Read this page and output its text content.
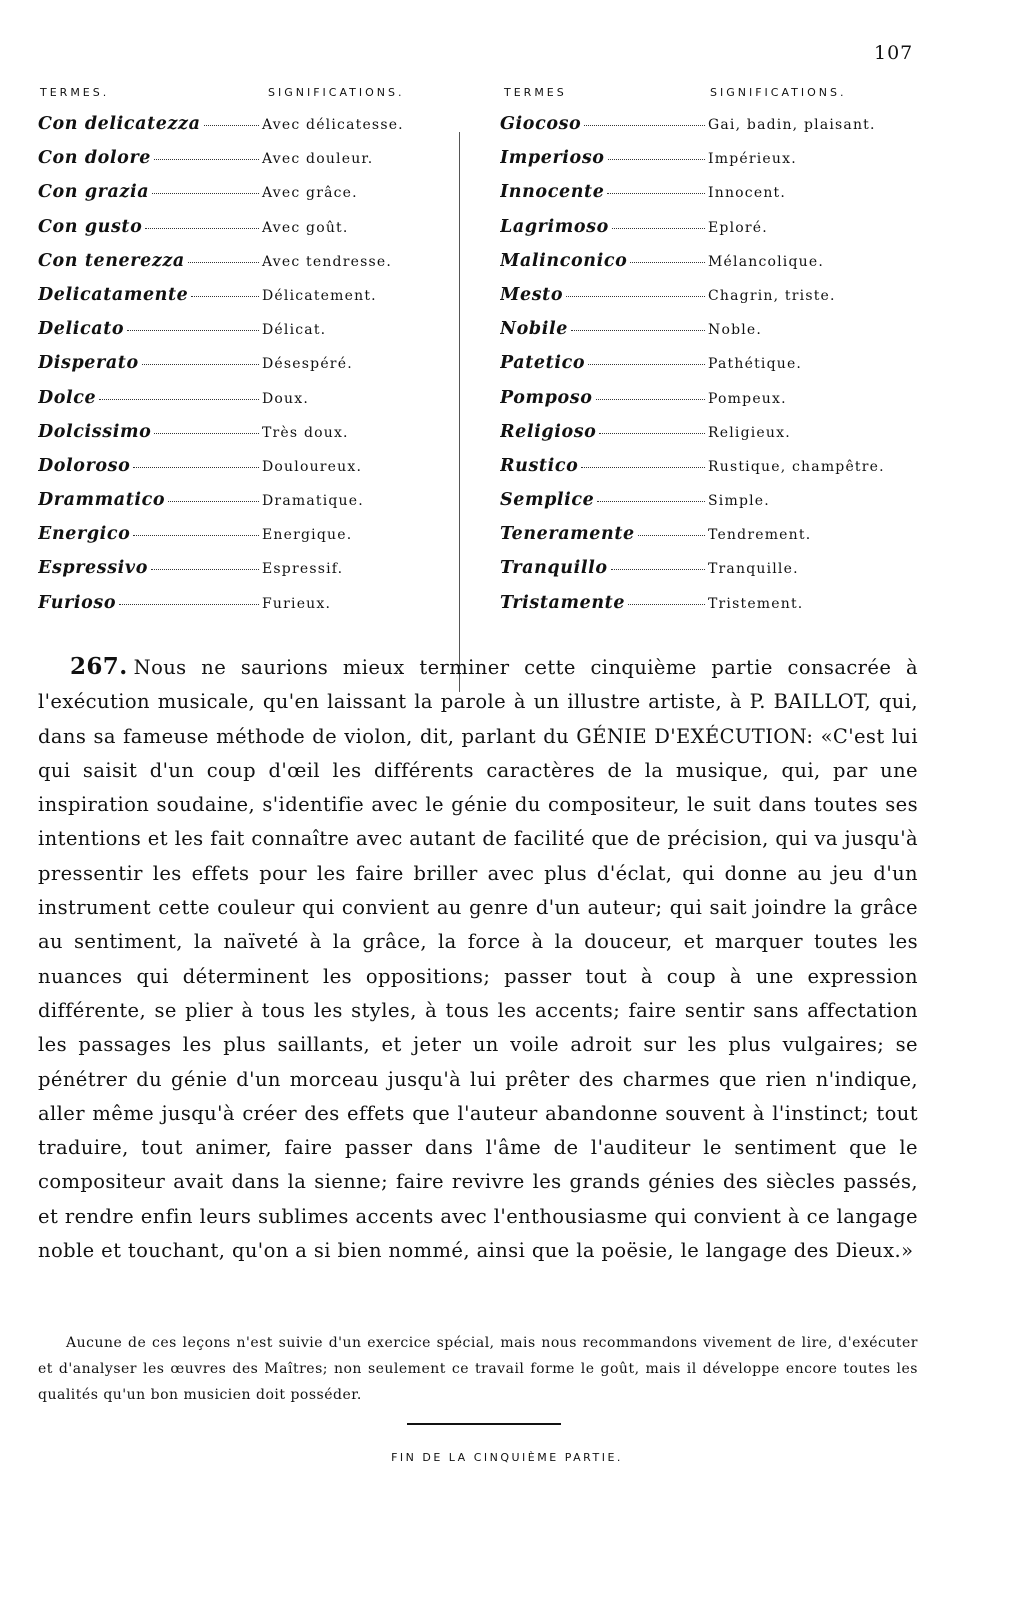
107
TERMES.	SIGNIFICATIONS.
Con delicatezza	Avec délicatesse.
Con dolore	Avec douleur.
Con grazia	Avec grâce.
Con gusto	Avec goût.
Con tenerezza	Avec tendresse.
Delicatamente	Délicatement.
Delicato	Délicat.
Disperato	Désespéré.
Dolce	Doux.
Dolcissimo	Très doux.
Doloroso	Douloureux.
Drammatico	Dramatique.
Energico	Energique.
Espressivo	Espressif.
Furioso	Furieux.
TERMES	SIGNIFICATIONS.
Giocoso	Gai, badin, plaisant.
Imperioso	Impérieux.
Innocente	Innocent.
Lagrimoso	Eploré.
Malinconico	Mélancolique.
Mesto	Chagrin, triste.
Nobile	Noble.
Patetico	Pathétique.
Pomposo	Pompeux.
Religioso	Religieux.
Rustico	Rustique, champêtre.
Semplice	Simple.
Teneramente	Tendrement.
Tranquillo	Tranquille.
Tristamente	Tristement.
267. Nous ne saurions mieux terminer cette cinquième partie consacrée à l'exécution musicale, qu'en laissant la parole à un illustre artiste, à P. BAILLOT, qui, dans sa fameuse méthode de violon, dit, parlant du GÉNIE D'EXÉCUTION: «C'est lui qui saisit d'un coup d'œil les différents caractères de la musique, qui, par une inspiration soudaine, s'identifie avec le génie du compositeur, le suit dans toutes ses intentions et les fait connaître avec autant de facilité que de précision, qui va jusqu'à pressentir les effets pour les faire briller avec plus d'éclat, qui donne au jeu d'un instrument cette couleur qui convient au genre d'un auteur; qui sait joindre la grâce au sentiment, la naïveté à la grâce, la force à la douceur, et marquer toutes les nuances qui déterminent les oppositions; passer tout à coup à une expression différente, se plier à tous les styles, à tous les accents; faire sentir sans affectation les passages les plus saillants, et jeter un voile adroit sur les plus vulgaires; se pénétrer du génie d'un morceau jusqu'à lui prêter des charmes que rien n'indique, aller même jusqu'à créer des effets que l'auteur abandonne souvent à l'instinct; tout traduire, tout animer, faire passer dans l'âme de l'auditeur le sentiment que le compositeur avait dans la sienne; faire revivre les grands génies des siècles passés, et rendre enfin leurs sublimes accents avec l'enthousiasme qui convient à ce langage noble et touchant, qu'on a si bien nommé, ainsi que la poësie, le langage des Dieux.»
Aucune de ces leçons n'est suivie d'un exercice spécial, mais nous recommandons vivement de lire, d'exécuter et d'analyser les œuvres des Maîtres; non seulement ce travail forme le goût, mais il développe encore toutes les qualités qu'un bon musicien doit posséder.
FIN DE LA CINQUIÈME PARTIE.
